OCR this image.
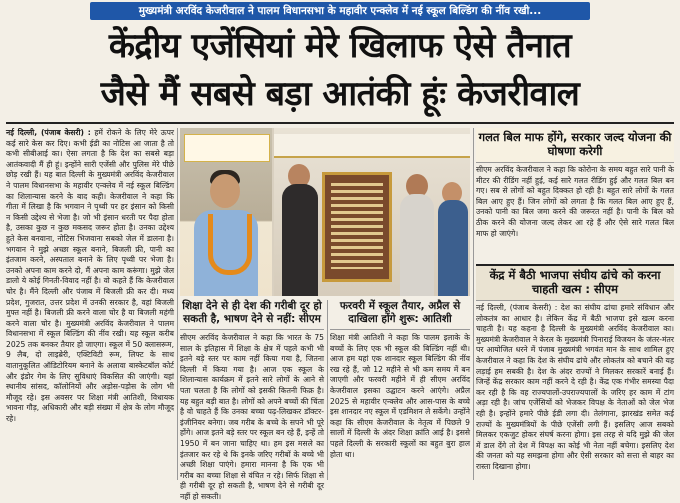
मुख्यमंत्री अरविंद केजरीवाल ने पालम विधानसभा के महावीर एन्क्लेव में नई स्कूल बिल्डिंग की नींव रखी...
केंद्रीय एजेंसियां मेरे खिलाफ ऐसे तैनात
जैसे मैं सबसे बड़ा आतंकी हूंः केजरीवाल
नई दिल्ली, (पंजाब केसरी) : हमें रोकने के लिए मेरे ऊपर कई सारे केस कर दिए। कभी ईडी का नोटिस आ जाता है तो कभी सीबीआई का। ऐसा लगता है कि देश का सबसे बड़ा आतंकवादी मैं ही हूं। इन्होंने सारी एजेंसी और पुलिस मेरे पीछे छोड़ रखी हैं। यह बात दिल्ली के मुख्यमंत्री अरविंद केजरीवाल ने पालम विधानसभा के महावीर एन्क्लेव में नई स्कूल बिल्डिंग का शिलान्यास करने के बाद कही। केजरीवाल ने कहा कि गीता में लिखा है कि भगवान ने पृथ्वी पर हर इंसान को किसी न किसी उद्देश्य से भेजा है। जो भी इंसान धरती पर पैदा होता है, उसका कुछ न कुछ मकसद जरूर होता है। उनका उद्देश्य हुते केस बनवाना, नोटिस भिजवाना सबको जेल में डालना है। भगवान ने मुझे अच्छा स्कूल बनाने, बिजली फ्री, पानी का इंतजाम करने, अस्पताल बनाने के लिए पृथ्वी पर भेजा है। उनको अपना काम करने दो, मैं अपना काम करूंगा। मुझे जेल डालो ये कोई गिनती-विवाद नहीं है। वो कहते हैं कि केजरीवाल चोर है। मैंने दिल्ली और पंजाब में बिजली फ्री कर दी। मध्य प्रदेश, गुजरात, उत्तर प्रदेश में उनकी सरकार है, वहां बिजली मुफ्त नहीं है। बिजली फ्री करने वाला चोर है या बिजली महंगी करने वाला चोर है। मुख्यमंत्री अरविंद केजरीवाल ने पालम विधानसभा में स्कूल बिल्डिंग की नींव रखी। यह स्कूल करीब 2025 तक बनकर तैयार हो जाएगा। स्कूल में 50 क्लासरूम, 9 लैब, दो लाइब्रेरी, एक्टिविटी रूम, लिफ्ट के साथ वातानुकूलित ऑडिटोरियम बनाने के अलावा बास्केटबॉल कोर्ट और इंडोर गेम के लिए सुविधाएं विकसित की जाएंगी। यहां स्थानीय सांसद, कॉलोनियों और अड़ोस-पड़ोस के लोग भी मौजूद रहे। इस अवसर पर शिक्षा मंत्री आतिशी, विधायक भावना गौड़, अधिकारी और बड़ी संख्या में क्षेत्र के लोग मौजूद रहे।
शिक्षा देने से ही देश की गरीबी दूर हो सकती है, भाषण देने से नहीं: सीएम
सीएम अरविंद केजरीवाल ने कहा कि भारत के 75 साल के इतिहास में शिक्षा के क्षेत्र में पहले कभी भी इतने बड़े स्तर पर काम नहीं किया गया है, जितना दिल्ली में किया गया है। आज एक स्कूल के शिलान्यास कार्यक्रम में इतने सारे लोगों के आने से पता चलता है कि लोगों को इसकी कितनी फिक्र है। यह बहुत बड़ी बात है। लोगों को अपने बच्चों की चिंता है वो चाहते हैं कि उनका बच्चा पढ़-लिखकर डॉक्टर-इंजीनियर बनेगा। जब गरीब के बच्चे के सपने भी पूरे होंगे। आज इतने बड़े स्तर पर स्कूल बन रहे हैं, इन्हें तो 1950 में बन जाना चाहिए था। हम इस मसले का इंतजार कर रहे थे कि इनके जरिए गरीबों के बच्चे भी अच्छी शिक्षा पाएंगे। हमारा मानना है कि एक भी गरीब का बच्चा शिक्षा से वंचित न रहे। सिर्फ शिक्षा से ही गरीबी दूर हो सकती है, भाषण देने से गरीबी दूर नहीं हो सकती।
फरवरी में स्कूल तैयार, अप्रैल से दाखिला होंगे शुरू: आतिशी
शिक्षा मंत्री आतिशी ने कहा कि पालम इलाके के बच्चों के लिए एक भी स्कूल की बिल्डिंग नहीं थी। आज हम यहां एक शानदार स्कूल बिल्डिंग की नींव रख रहे हैं, जो 12 महीने से भी कम समय में बन जाएगी और फरवरी महीने में ही सीएम अरविंद केजरीवाल इसका उद्घाटन करने आएंगे। अप्रैल 2025 से महावीर एन्क्लेव और आस-पास के बच्चे इस शानदार नए स्कूल में एडमिशन ले सकेंगे। उन्होंने कहा कि सीएम केजरीवाल के नेतृत्व में पिछले 9 सालों में दिल्ली के अंदर शिक्षा क्रांति आई है। इससे पहले दिल्ली के सरकारी स्कूलों का बहुत बुरा हाल होता था।
गलत बिल माफ होंगे, सरकार जल्द योजना की घोषणा करेगी
सीएम अरविंद केजरीवाल ने कहा कि कोरोना के समय बहुत सारे पानी के मीटर की रीडिंग नहीं हुई, कई सारे गलत रीडिंग हुई और गलत बिल बन गए। सब से लोगों को बहुत दिक्कत हो रही है। बहुत सारे लोगों के गलत बिल आए हुए हैं। जिन लोगों को लगता है कि गलत बिल आए हुए हैं, उनको पानी का बिल जमा करने की जरूरत नहीं है। पानी के बिल को ठीक करने की योजना जल्द लेकर आ रहे हैं और ऐसे सारे गलत बिल माफ हो जाएंगे।
केंद्र में बैठी भाजपा संघीय ढांचे को करना चाहती खत्म : सीएम
नई दिल्ली, (पंजाब केसरी) : देश का संघीय ढांचा हमारे संविधान और लोकतंत्र का आधार है। लेकिन केंद्र में बैठी भाजपा इसे खत्म करना चाहती है। यह कहना है दिल्ली के मुख्यमंत्री अरविंद केजरीवाल का। मुख्यमंत्री केजरीवाल ने केरल के मुख्यमंत्री पिनाराई विजयन के जंतर-मंतर पर आयोजित धरने में पंजाब मुख्यमंत्री भगवंत मान के साथ शामिल हुए केजरीवाल ने कहा कि देश के संघीय ढांचे और लोकतंत्र को बचाने की यह लड़ाई हम सबकी है। देश के अंदर राज्यों ने मिलकर सरकारें बनाई हैं। जिन्हें केंद्र सरकार काम नहीं करने दे रही है। केंद्र एक गंभीर समस्या पैदा कर रही है कि वह राज्यपालों-उपराज्यपालों के जरिए हर काम में टांग अड़ा रही है। जांच एजेंसियों को भेजकर विपक्ष के नेताओं को जेल भेज रही है। इन्होंने हमारे पीछे ईडी लगा दी। तेलंगाना, झारखंड समेत कई राज्यों के मुख्यमंत्रियों के पीछे एजेंसी लगी हैं। इसलिए आज सबको मिलकर एकजुट होकर संघर्ष करना होगा। इस तरह से यदि मुझे की जेल में डाल देंगे तो देश में विपक्ष का कोई भी नेता नहीं बचेगा। इसलिए देश की जनता को यह समझना होगा और ऐसी सरकार को सत्ता से बाहर का रास्ता दिखाना होगा।
